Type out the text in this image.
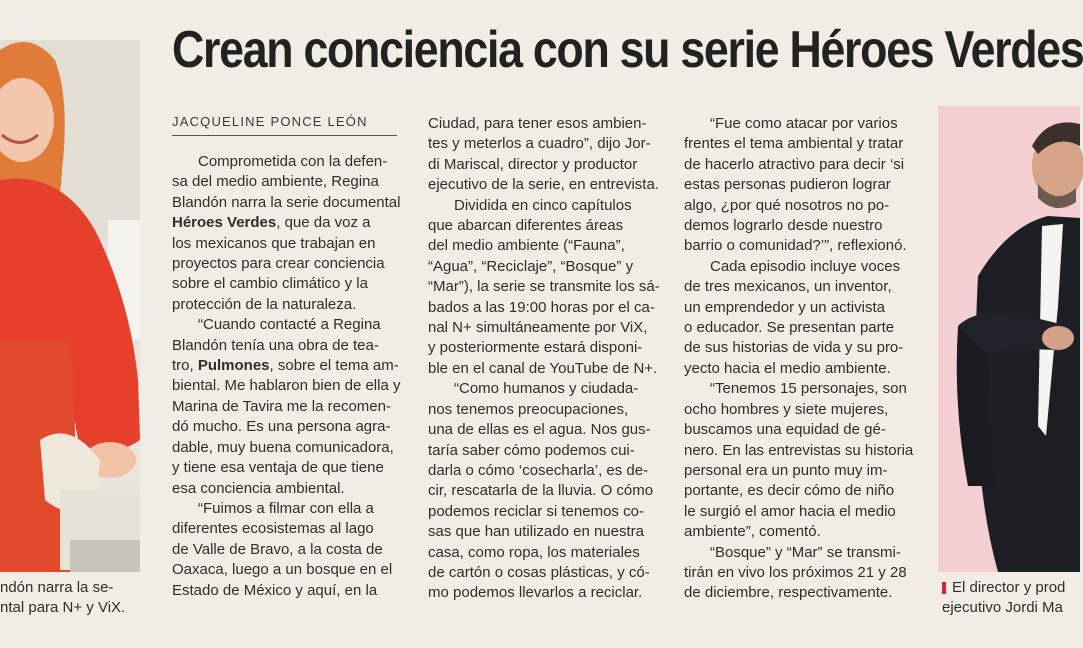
Crean conciencia con su serie Héroes Verdes
JACQUELINE PONCE LEÓN
Comprometida con la defen-
sa del medio ambiente, Regina
Blandón narra la serie documental
Héroes Verdes, que da voz a
los mexicanos que trabajan en
proyectos para crear conciencia
sobre el cambio climático y la
protección de la naturaleza.
“Cuando contacté a Regina
Blandón tenía una obra de tea-
tro, Pulmones, sobre el tema am-
biental. Me hablaron bien de ella y
Marina de Tavira me la recomen-
dó mucho. Es una persona agra-
dable, muy buena comunicadora,
y tiene esa ventaja de que tiene
esa conciencia ambiental.
“Fuimos a filmar con ella a
diferentes ecosistemas al lago
de Valle de Bravo, a la costa de
Oaxaca, luego a un bosque en el
Estado de México y aquí, en la
Ciudad, para tener esos ambien-
tes y meterlos a cuadro”, dijo Jor-
di Mariscal, director y productor
ejecutivo de la serie, en entrevista.
Dividida en cinco capítulos
que abarcan diferentes áreas
del medio ambiente (“Fauna”,
“Agua”, “Reciclaje”, “Bosque” y
“Mar”), la serie se transmite los sá-
bados a las 19:00 horas por el ca-
nal N+ simultáneamente por ViX,
y posteriormente estará disponi-
ble en el canal de YouTube de N+.
“Como humanos y ciudada-
nos tenemos preocupaciones,
una de ellas es el agua. Nos gus-
taría saber cómo podemos cui-
darla o cómo ‘cosecharla’, es de-
cir, rescatarla de la lluvia. O cómo
podemos reciclar si tenemos co-
sas que han utilizado en nuestra
casa, como ropa, los materiales
de cartón o cosas plásticas, y có-
mo podemos llevarlos a reciclar.
“Fue como atacar por varios
frentes el tema ambiental y tratar
de hacerlo atractivo para decir ‘si
estas personas pudieron lograr
algo, ¿por qué nosotros no po-
demos lograrlo desde nuestro
barrio o comunidad?’”, reflexionó.
Cada episodio incluye voces
de tres mexicanos, un inventor,
un emprendedor y un activista
o educador. Se presentan parte
de sus historias de vida y su pro-
yecto hacia el medio ambiente.
“Tenemos 15 personajes, son
ocho hombres y siete mujeres,
buscamos una equidad de gé-
nero. En las entrevistas su historia
personal era un punto muy im-
portante, es decir cómo de niño
le surgió el amor hacia el medio
ambiente”, comentó.
“Bosque” y “Mar” se transmi-
tirán en vivo los próximos 21 y 28
de diciembre, respectivamente.
ndón narra la se-
ntal para N+ y ViX.
El director y prod
ejecutivo Jordi Ma
